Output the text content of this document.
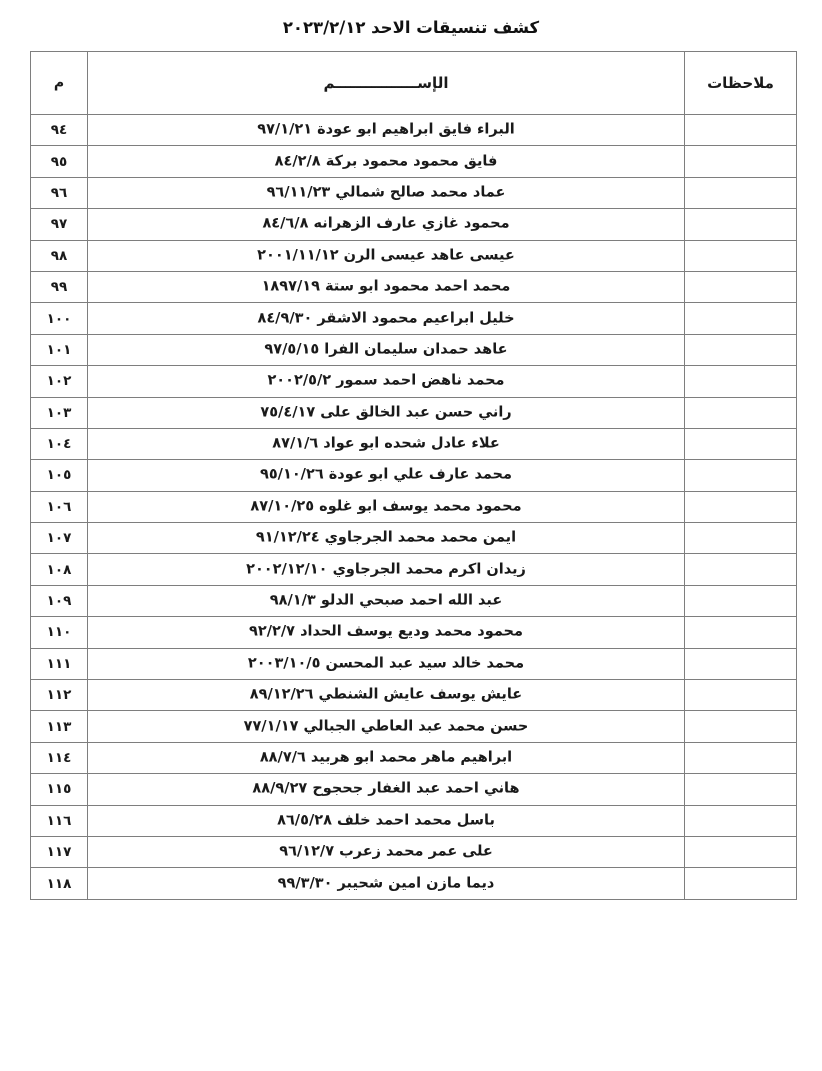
كشف تنسيقات الاحد ٢٠٢٣/٢/١٢
ملاحظات	الإســــــــــــــــم	م
	البراء فايق ابراهيم ابو عودة ٩٧/١/٢١	٩٤
	فايق محمود محمود بركة ٨٤/٢/٨	٩٥
	عماد محمد صالح شمالي ٩٦/١١/٢٣	٩٦
	محمود غازي عارف الزهرانه ٨٤/٦/٨	٩٧
	عيسى عاهد عيسى الرن ٢٠٠١/١١/١٢	٩٨
	محمد احمد محمود ابو ستة ١٨٩٧/١٩	٩٩
	خليل ابراعيم محمود الاشقر ٨٤/٩/٣٠	١٠٠
	عاهد حمدان سليمان الفرا ٩٧/٥/١٥	١٠١
	محمد ناهض احمد سمور ٢٠٠٢/٥/٢	١٠٢
	راني حسن عبد الخالق على ٧٥/٤/١٧	١٠٣
	علاء عادل شحده ابو عواد ٨٧/١/٦	١٠٤
	محمد عارف علي ابو عودة ٩٥/١٠/٢٦	١٠٥
	محمود محمد يوسف ابو غلوه ٨٧/١٠/٢٥	١٠٦
	ايمن محمد محمد الجرجاوي ٩١/١٢/٢٤	١٠٧
	زيدان اكرم محمد الجرجاوي ٢٠٠٢/١٢/١٠	١٠٨
	عبد الله احمد صبحي الدلو ٩٨/١/٣	١٠٩
	محمود محمد وديع يوسف الحداد ٩٢/٢/٧	١١٠
	محمد خالد سيد عبد المحسن ٢٠٠٣/١٠/٥	١١١
	عايش يوسف عايش الشنطي ٨٩/١٢/٢٦	١١٢
	حسن محمد عبد العاطي الجبالي ٧٧/١/١٧	١١٣
	ابراهيم ماهر محمد ابو هربيد ٨٨/٧/٦	١١٤
	هاني احمد عبد الغفار جحجوح ٨٨/٩/٢٧	١١٥
	باسل محمد احمد خلف ٨٦/٥/٢٨	١١٦
	على عمر محمد زعرب ٩٦/١٢/٧	١١٧
	ديما مازن امين شحيبر ٩٩/٣/٣٠	١١٨
